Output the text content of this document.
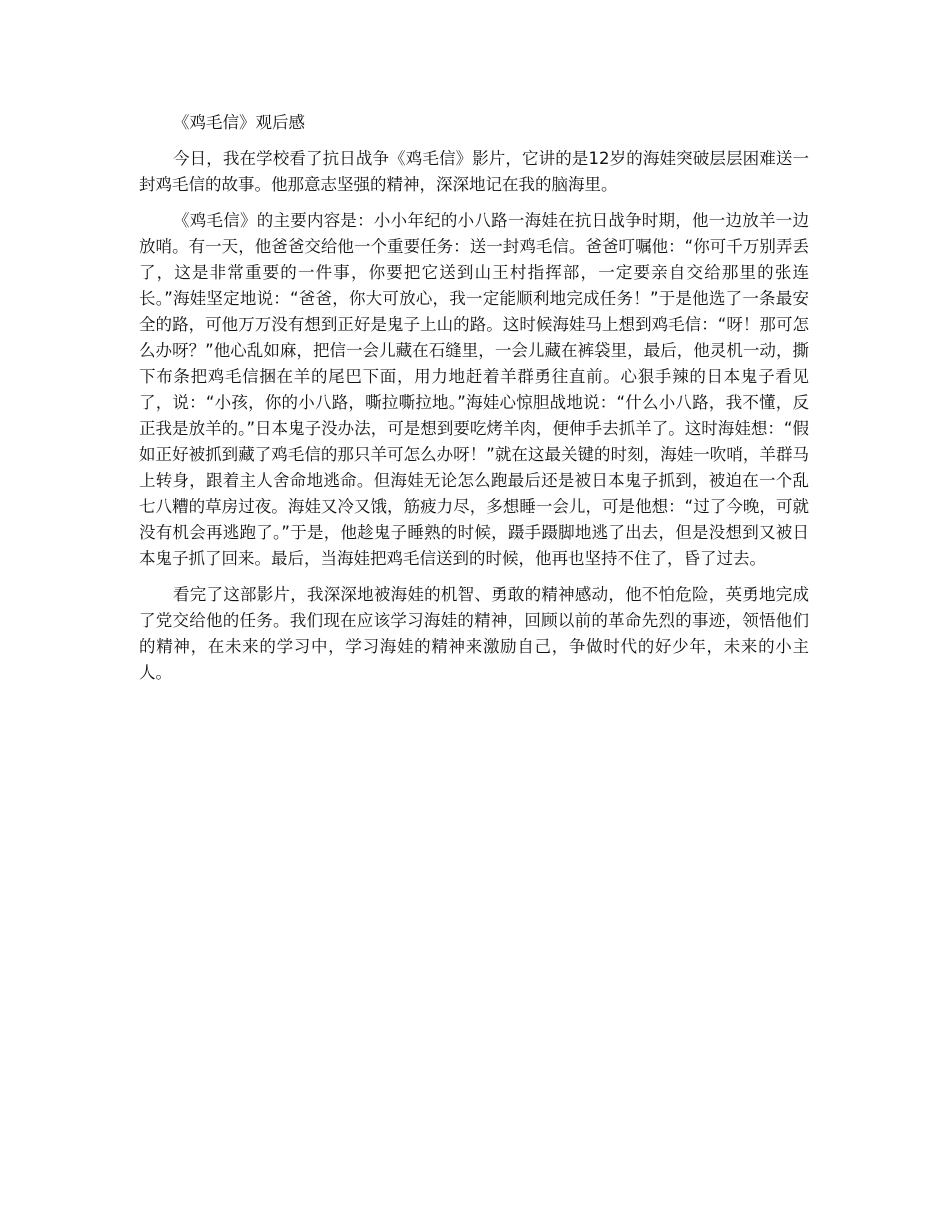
《鸡毛信》观后感

今日，我在学校看了抗日战争《鸡毛信》影片，它讲的是12岁的海娃突破层层困难送一封鸡毛信的故事。他那意志坚强的精神，深深地记在我的脑海里。

《鸡毛信》的主要内容是：小小年纪的小八路一海娃在抗日战争时期，他一边放羊一边放哨。有一天，他爸爸交给他一个重要任务：送一封鸡毛信。爸爸叮嘱他：“你可千万别弄丢了，这是非常重要的一件事，你要把它送到山王村指挥部，一定要亲自交给那里的张连长。”海娃坚定地说：“爸爸，你大可放心，我一定能顺利地完成任务！”于是他选了一条最安全的路，可他万万没有想到正好是鬼子上山的路。这时候海娃马上想到鸡毛信：“呀！那可怎么办呀？”他心乱如麻，把信一会儿藏在石缝里，一会儿藏在裤袋里，最后，他灵机一动，撕下布条把鸡毛信捆在羊的尾巴下面，用力地赶着羊群勇往直前。心狠手辣的日本鬼子看见了，说：“小孩，你的小八路，嘶拉嘶拉地。”海娃心惊胆战地说：“什么小八路，我不懂，反正我是放羊的。”日本鬼子没办法，可是想到要吃烤羊肉，便伸手去抓羊了。这时海娃想：“假如正好被抓到藏了鸡毛信的那只羊可怎么办呀！”就在这最关键的时刻，海娃一吹哨，羊群马上转身，跟着主人舍命地逃命。但海娃无论怎么跑最后还是被日本鬼子抓到，被迫在一个乱七八糟的草房过夜。海娃又冷又饿，筋疲力尽，多想睡一会儿，可是他想：“过了今晚，可就没有机会再逃跑了。”于是，他趁鬼子睡熟的时候，蹑手蹑脚地逃了出去，但是没想到又被日本鬼子抓了回来。最后，当海娃把鸡毛信送到的时候，他再也坚持不住了，昏了过去。

看完了这部影片，我深深地被海娃的机智、勇敢的精神感动，他不怕危险，英勇地完成了党交给他的任务。我们现在应该学习海娃的精神，回顾以前的革命先烈的事迹，领悟他们的精神，在未来的学习中，学习海娃的精神来激励自己，争做时代的好少年，未来的小主人。
